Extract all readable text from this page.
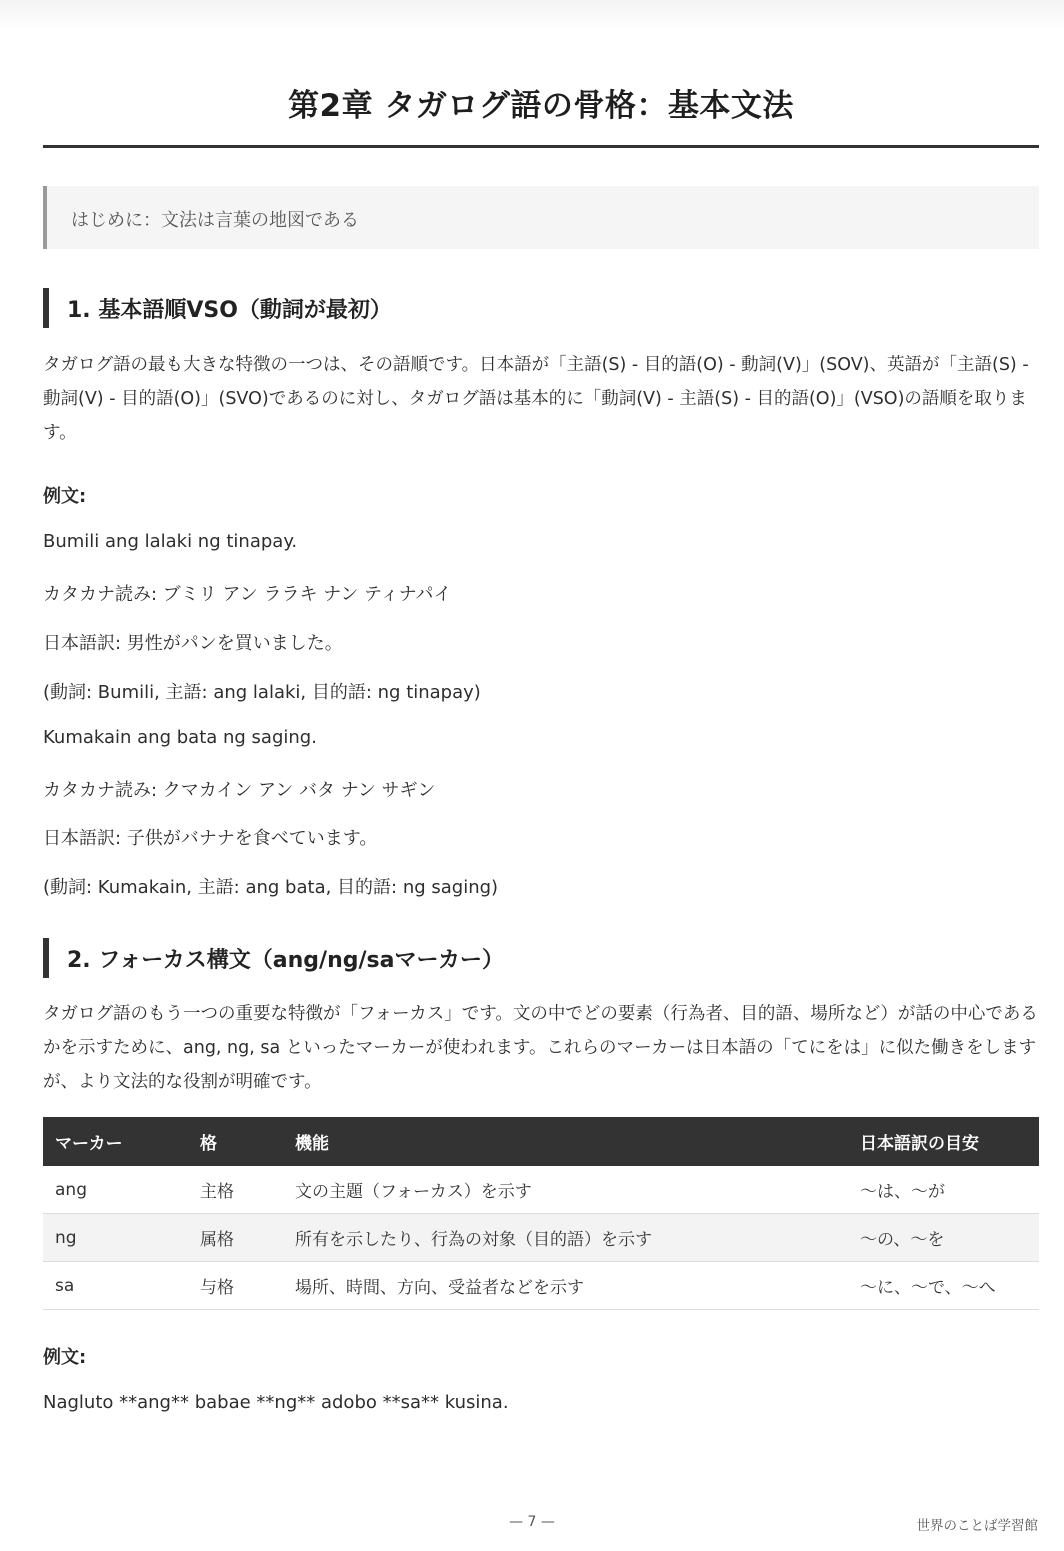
第2章 タガログ語の骨格：基本文法
はじめに：文法は言葉の地図である
1. 基本語順VSO（動詞が最初）

タガログ語の最も大きな特徴の一つは、その語順です。日本語が「主語(S) - 目的語(O) - 動詞(V)」(SOV)、英語が「主語(S) - 動詞(V) - 目的語(O)」(SVO)であるのに対し、タガログ語は基本的に「動詞(V) - 主語(S) - 目的語(O)」(VSO)の語順を取ります。

例文:
Bumili ang lalaki ng tinapay.
カタカナ読み: ブミリ アン ララキ ナン ティナパイ
日本語訳: 男性がパンを買いました。
(動詞: Bumili, 主語: ang lalaki, 目的語: ng tinapay)
Kumakain ang bata ng saging.
カタカナ読み: クマカイン アン バタ ナン サギン
日本語訳: 子供がバナナを食べています。
(動詞: Kumakain, 主語: ang bata, 目的語: ng saging)
2. フォーカス構文（ang/ng/saマーカー）

タガログ語のもう一つの重要な特徴が「フォーカス」です。文の中でどの要素（行為者、目的語、場所など）が話の中心であるかを示すために、ang, ng, sa といったマーカーが使われます。これらのマーカーは日本語の「てにをは」に似た働きをしますが、より文法的な役割が明確です。

マーカー	格	機能	日本語訳の目安
ang	主格	文の主題（フォーカス）を示す	〜は、〜が
ng	属格	所有を示したり、行為の対象（目的語）を示す	〜の、〜を
sa	与格	場所、時間、方向、受益者などを示す	〜に、〜で、〜へ
例文:
Nagluto **ang** babae **ng** adobo **sa** kusina.
— 7 —	世界のことば学習館
